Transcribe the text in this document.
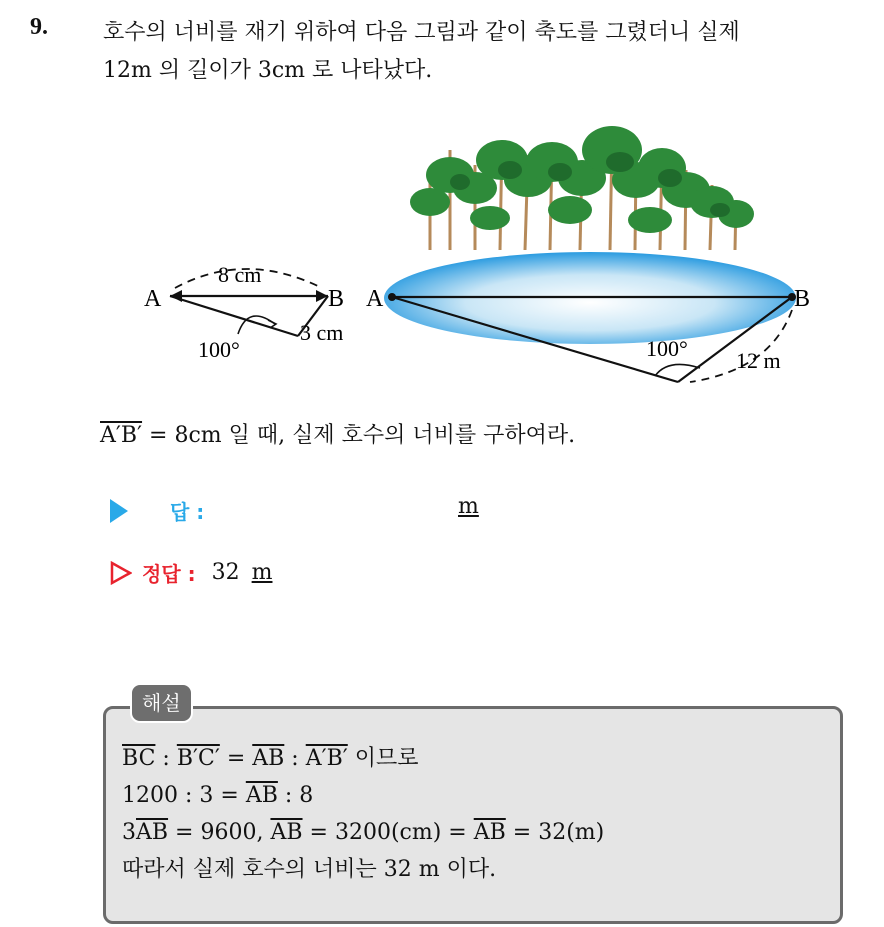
9.	호수의 너비를 재기 위하여 다음 그림과 같이 축도를 그렸더니 실제
12m 의 길이가 3cm 로 나타났다.
A	B
8 cm
3 cm
100°
A	B
100° 12 m
A′B′ = 8cm 일 때, 실제 호수의 너비를 구하여라.
답 :	m
정답 : 32 m
해설
$\overline{BC}$ : $B'C' = \overline{AB}$ : A′B′ 이므로
1200 : $3 = \overline{AB}$ : 8
$3\overline{AB} = 9600$, $\overline{AB} = 3200(cm) = \overline{AB} = 32(m)$
따라서 실제 호수의 너비는 32 m 이다.
